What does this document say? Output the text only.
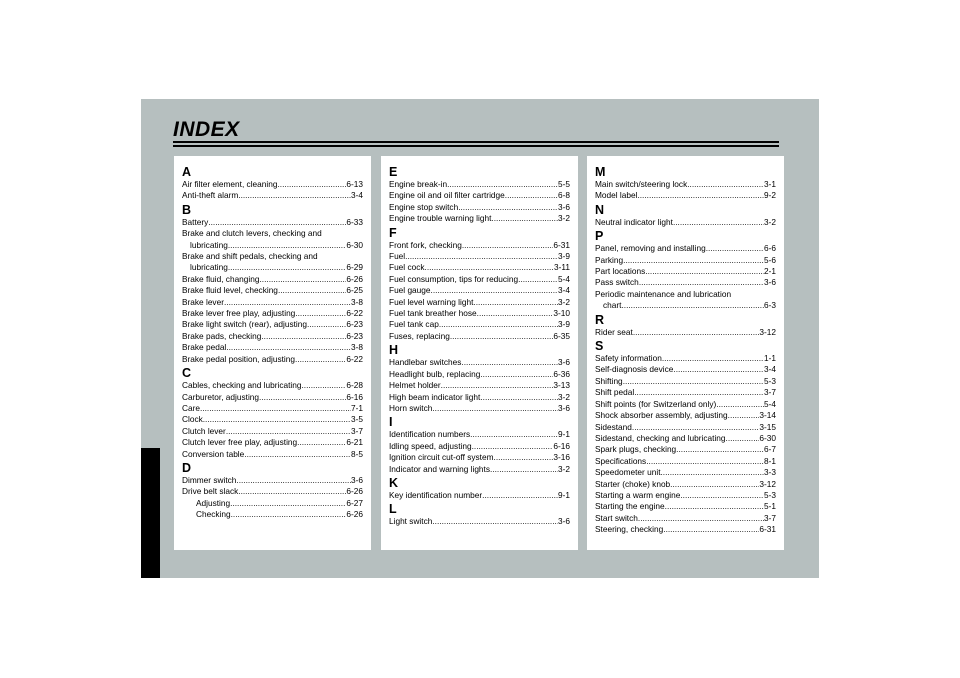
INDEX
A
Air filter element, cleaning .....	6-13
Anti-theft alarm .....	3-4
B
Battery .....	6-33
Brake and clutch levers, checking and
lubricating .....	6-30
Brake and shift pedals, checking and
lubricating .....	6-29
Brake fluid, changing .....	6-26
Brake fluid level, checking .....	6-25
Brake lever .....	3-8
Brake lever free play, adjusting .....	6-22
Brake light switch (rear), adjusting .....	6-23
Brake pads, checking .....	6-23
Brake pedal .....	3-8
Brake pedal position, adjusting .....	6-22
C
Cables, checking and lubricating .....	6-28
Carburetor, adjusting .....	6-16
Care .....	7-1
Clock .....	3-5
Clutch lever .....	3-7
Clutch lever free play, adjusting .....	6-21
Conversion table .....	8-5
D
Dimmer switch .....	3-6
Drive belt slack .....	6-26
Adjusting .....	6-27
Checking .....	6-26
E
Engine break-in .....	5-5
Engine oil and oil filter cartridge .....	6-8
Engine stop switch .....	3-6
Engine trouble warning light .....	3-2
F
Front fork, checking .....	6-31
Fuel .....	3-9
Fuel cock .....	3-11
Fuel consumption, tips for reducing .....	5-4
Fuel gauge .....	3-4
Fuel level warning light .....	3-2
Fuel tank breather hose .....	3-10
Fuel tank cap .....	3-9
Fuses, replacing .....	6-35
H
Handlebar switches .....	3-6
Headlight bulb, replacing .....	6-36
Helmet holder .....	3-13
High beam indicator light .....	3-2
Horn switch .....	3-6
I
Identification numbers .....	9-1
Idling speed, adjusting .....	6-16
Ignition circuit cut-off system .....	3-16
Indicator and warning lights .....	3-2
K
Key identification number .....	9-1
L
Light switch .....	3-6
M
Main switch/steering lock .....	3-1
Model label .....	9-2
N
Neutral indicator light .....	3-2
P
Panel, removing and installing .....	6-6
Parking .....	5-6
Part locations .....	2-1
Pass switch .....	3-6
Periodic maintenance and lubrication
chart .....	6-3
R
Rider seat .....	3-12
S
Safety information .....	1-1
Self-diagnosis device .....	3-4
Shifting .....	5-3
Shift pedal .....	3-7
Shift points (for Switzerland only) .....	5-4
Shock absorber assembly, adjusting .....	3-14
Sidestand .....	3-15
Sidestand, checking and lubricating .....	6-30
Spark plugs, checking .....	6-7
Specifications .....	8-1
Speedometer unit .....	3-3
Starter (choke) knob .....	3-12
Starting a warm engine .....	5-3
Starting the engine .....	5-1
Start switch .....	3-7
Steering, checking .....	6-31
